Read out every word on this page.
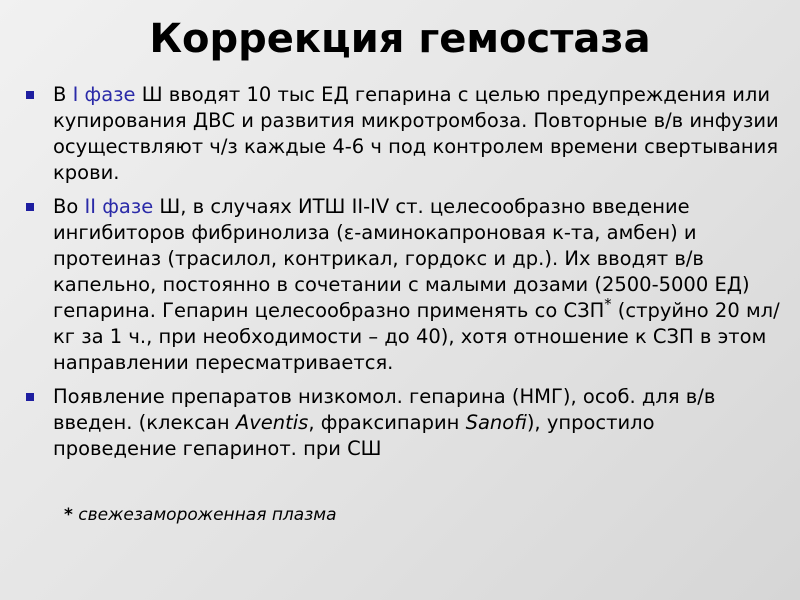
Коррекция гемостаза
В I фазе Ш вводят 10 тыс ЕД гепарина с целью предупреждения или купирования ДВС и развития микротромбоза. Повторные в/в инфузии осуществляют ч/з каждые 4-6 ч под контролем времени свертывания крови.
Во II фазе Ш, в случаях ИТШ II-IV ст. целесообразно введение ингибиторов фибринолиза (ε-аминокапроновая к-та, амбен) и протеиназ (трасилол, контрикал, гордокс и др.). Их вводят в/в капельно, постоянно в сочетании с малыми дозами (2500-5000 ЕД) гепарина. Гепарин целесообразно применять со СЗП* (струйно 20 мл/кг за 1 ч., при необходимости – до 40), хотя отношение к СЗП в этом направлении пересматривается.
Появление препаратов низкомол. гепарина (НМГ), особ. для в/в введен. (клексан Aventis, фраксипарин Sanofi), упростило проведение гепаринот. при СШ
* свежезамороженная плазма
